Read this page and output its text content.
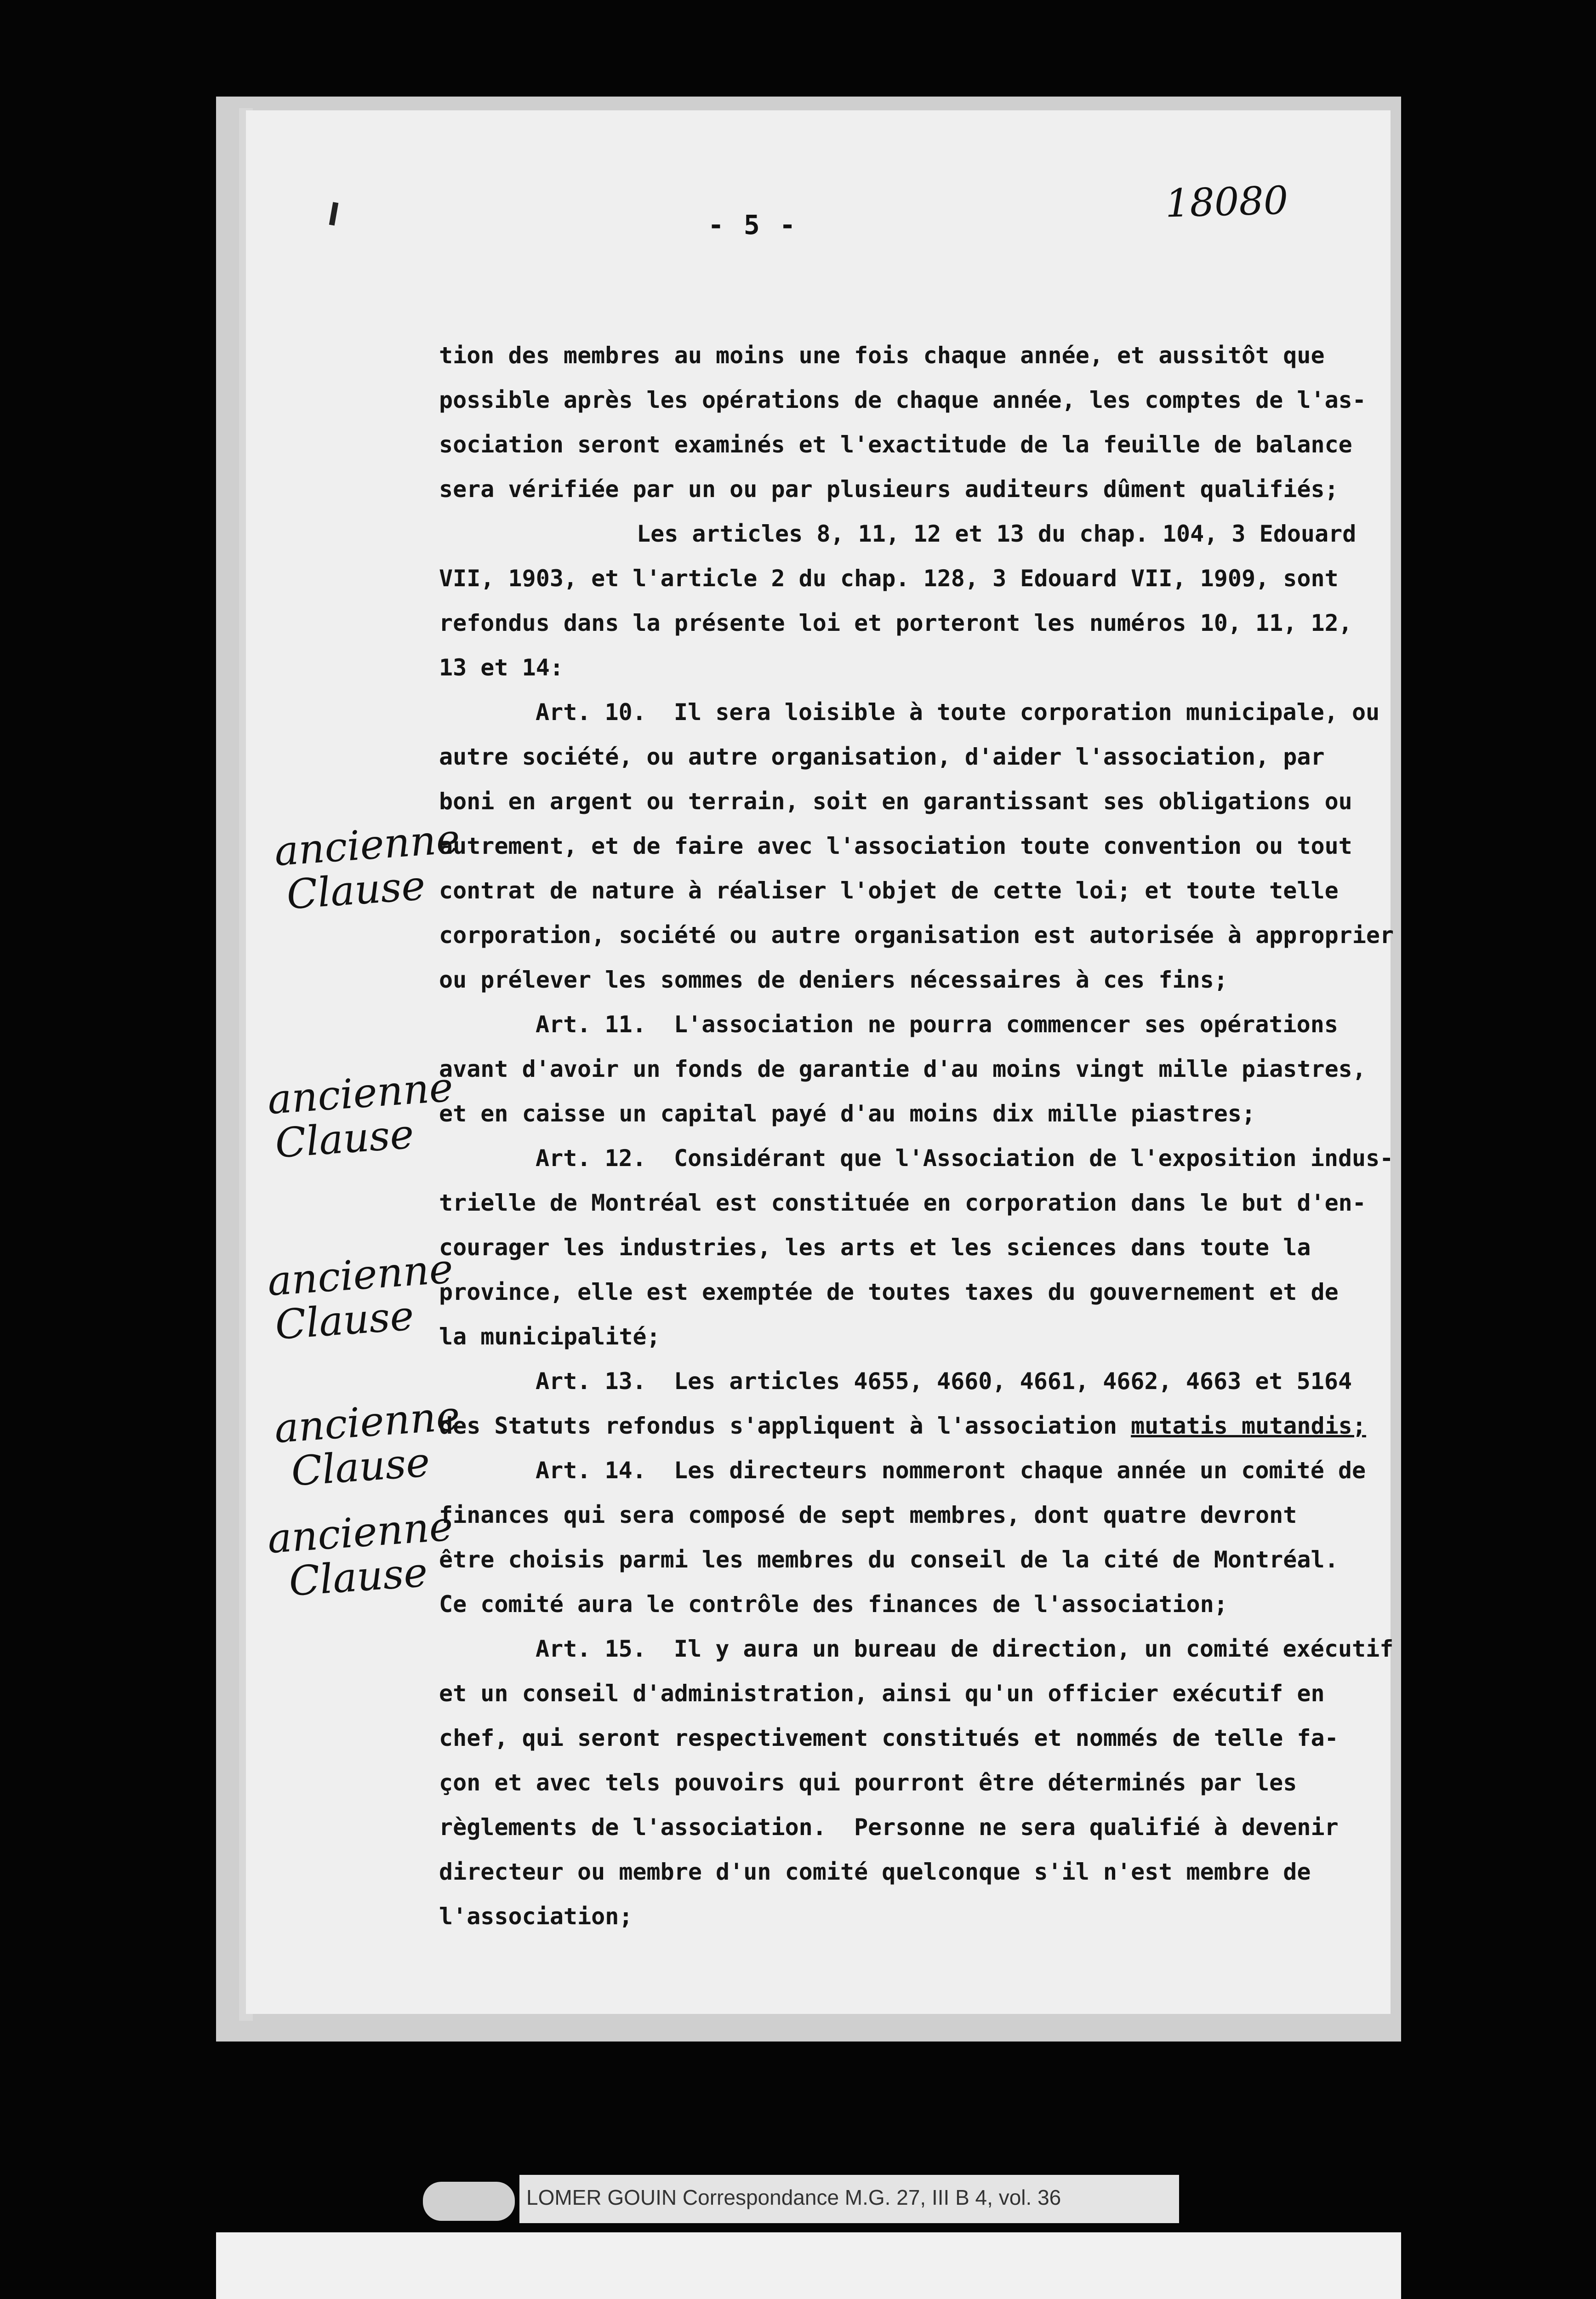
- 5 -	18080
tion des membres au moins une fois chaque année, et aussitôt que
possible après les opérations de chaque année, les comptes de l'as-
sociation seront examinés et l'exactitude de la feuille de balance
sera vérifiée par un ou par plusieurs auditeurs dûment qualifiés;
Les articles 8, 11, 12 et 13 du chap. 104, 3 Edouard
VII, 1903, et l'article 2 du chap. 128, 3 Edouard VII, 1909, sont
refondus dans la présente loi et porteront les numéros 10, 11, 12,
13 et 14:
Art. 10.  Il sera loisible à toute corporation municipale, ou
autre société, ou autre organisation, d'aider l'association, par
boni en argent ou terrain, soit en garantissant ses obligations ou
autrement, et de faire avec l'association toute convention ou tout
contrat de nature à réaliser l'objet de cette loi; et toute telle
corporation, société ou autre organisation est autorisée à approprier
ou prélever les sommes de deniers nécessaires à ces fins;
Art. 11.  L'association ne pourra commencer ses opérations
avant d'avoir un fonds de garantie d'au moins vingt mille piastres,
et en caisse un capital payé d'au moins dix mille piastres;
Art. 12.  Considérant que l'Association de l'exposition indus-
trielle de Montréal est constituée en corporation dans le but d'en-
courager les industries, les arts et les sciences dans toute la
province, elle est exemptée de toutes taxes du gouvernement et de
la municipalité;
Art. 13.  Les articles 4655, 4660, 4661, 4662, 4663 et 5164
des Statuts refondus s'appliquent à l'association mutatis mutandis;
Art. 14.  Les directeurs nommeront chaque année un comité de
finances qui sera composé de sept membres, dont quatre devront
être choisis parmi les membres du conseil de la cité de Montréal.
Ce comité aura le contrôle des finances de l'association;
Art. 15.  Il y aura un bureau de direction, un comité exécutif
et un conseil d'administration, ainsi qu'un officier exécutif en
chef, qui seront respectivement constitués et nommés de telle fa-
çon et avec tels pouvoirs qui pourront être déterminés par les
règlements de l'association.  Personne ne sera qualifié à devenir
directeur ou membre d'un comité quelconque s'il n'est membre de
l'association;
ancienne
Clause
ancienne
Clause
ancienne
Clause
ancienne
Clause
ancienne
Clause
LOMER GOUIN Correspondance M.G. 27, III B 4, vol. 36
